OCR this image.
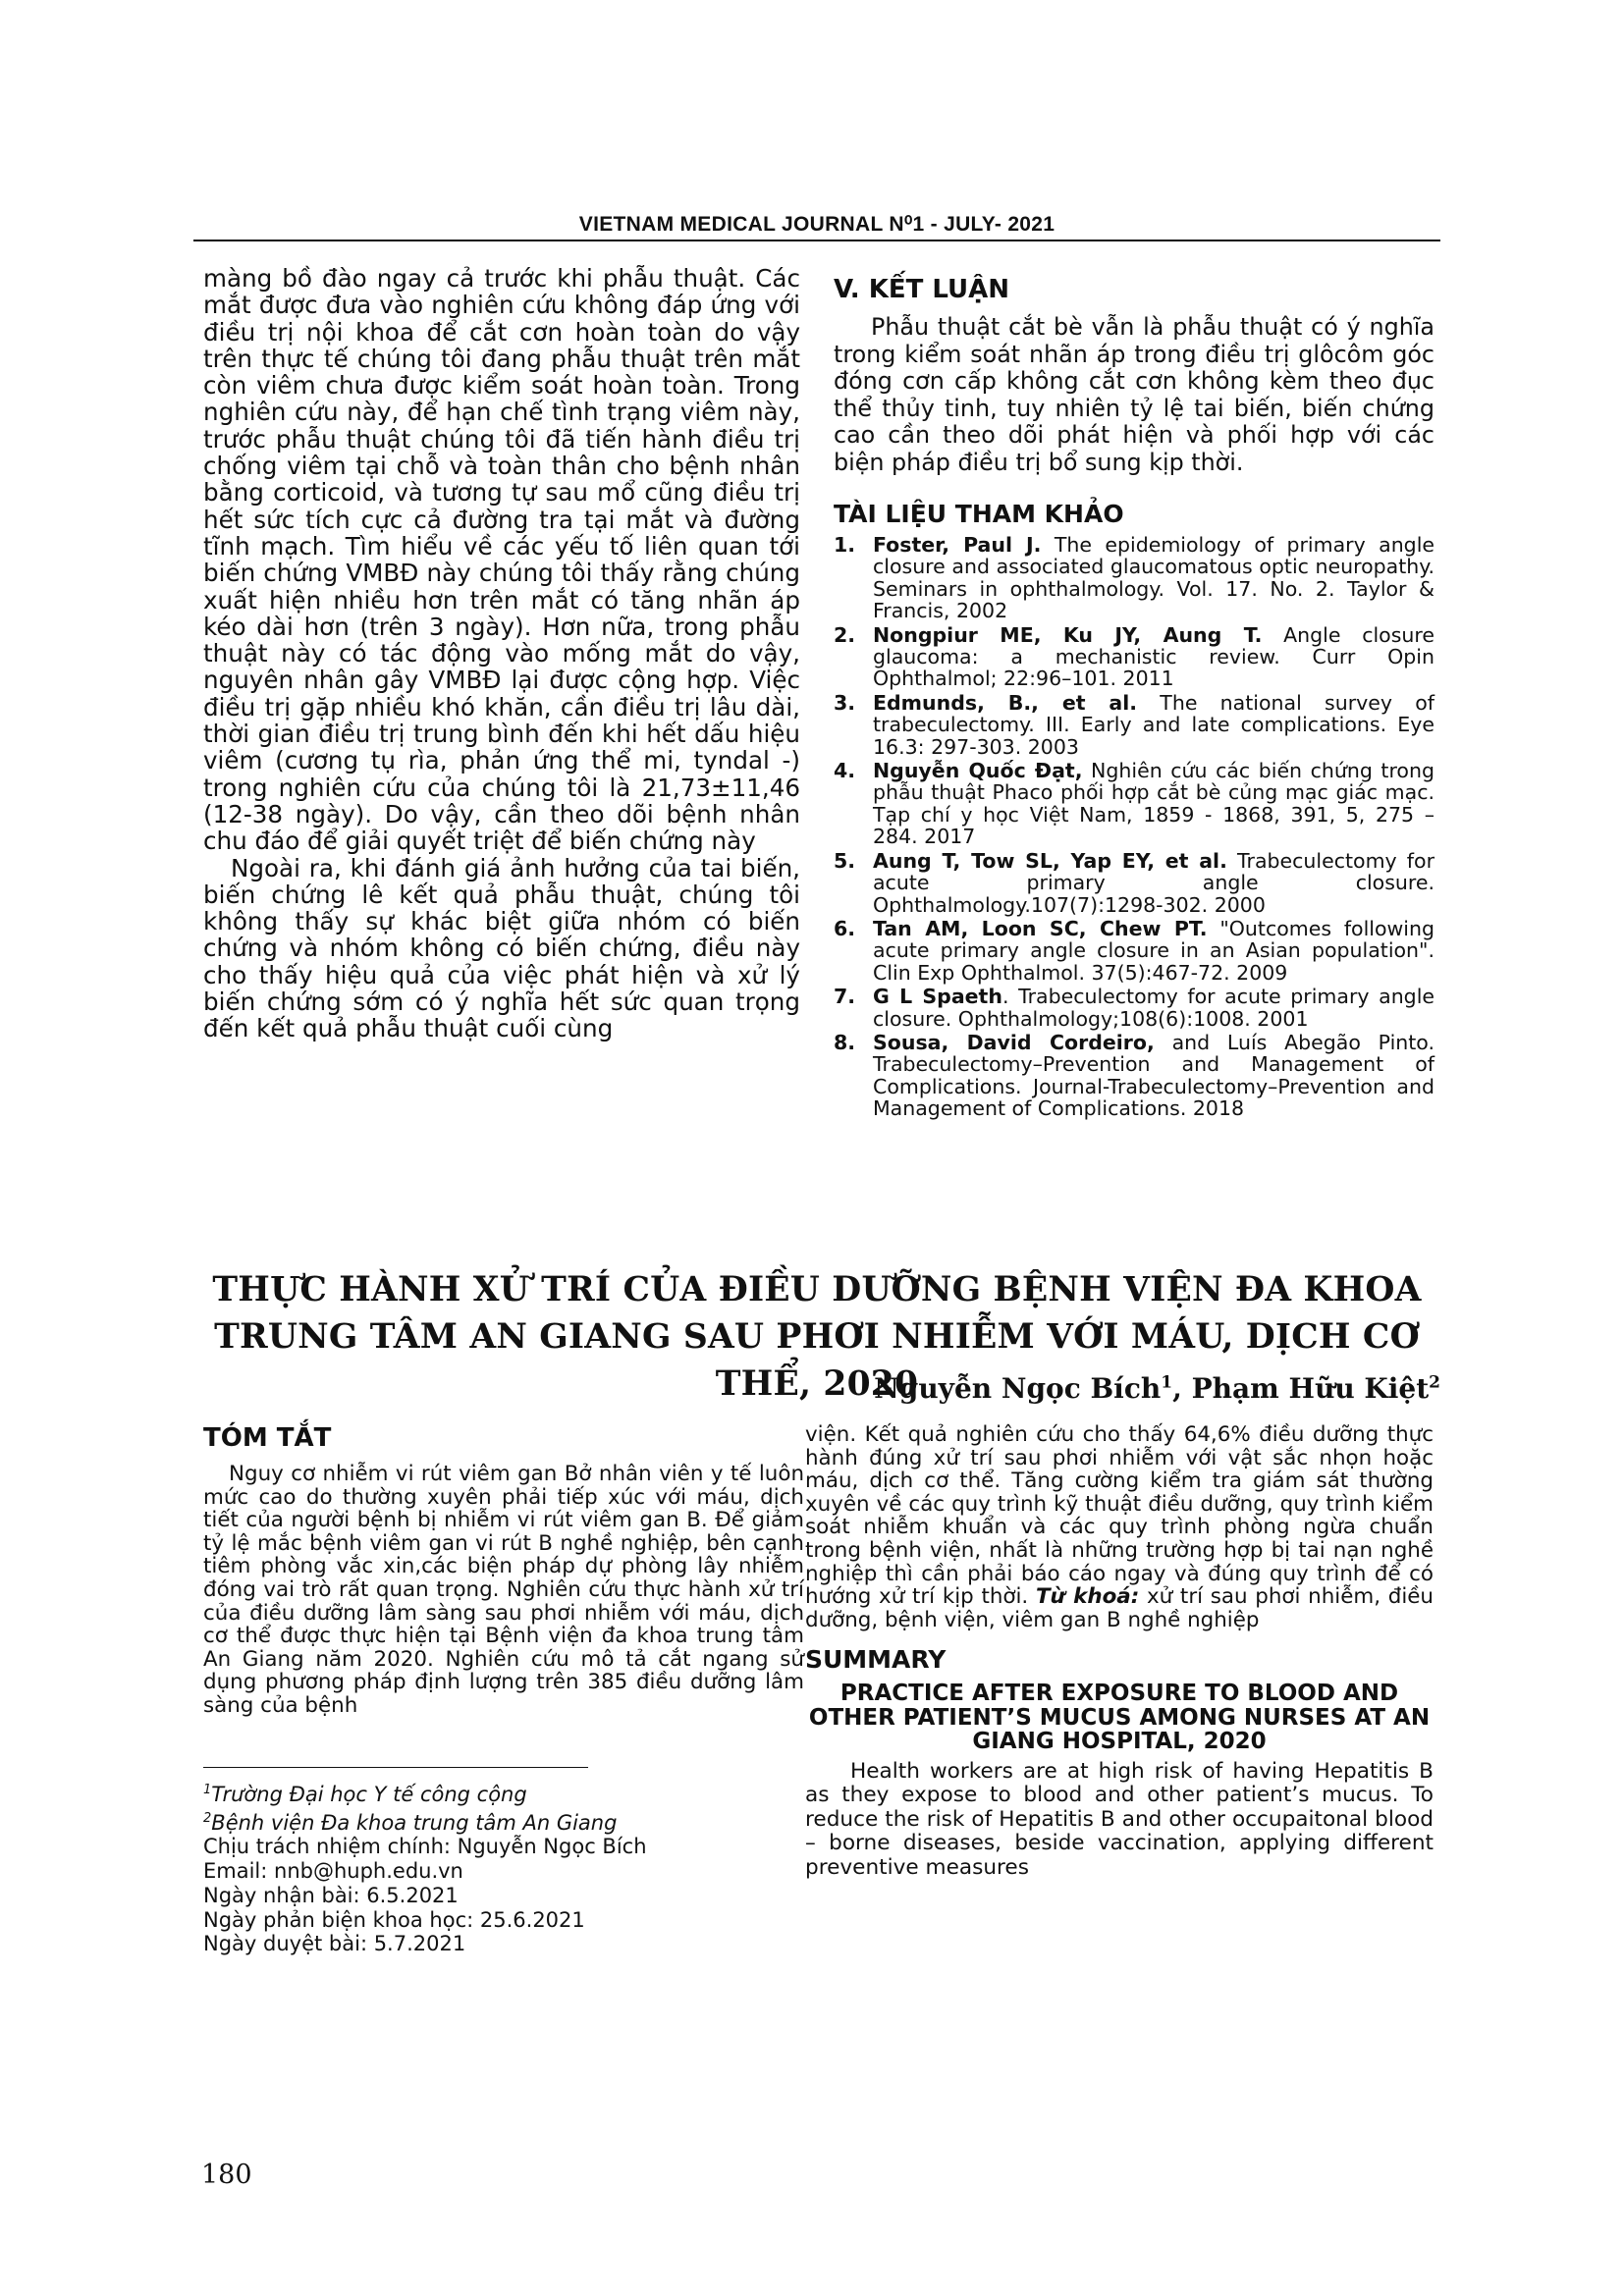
VIETNAM MEDICAL JOURNAL N⁰1 - JULY- 2021

màng bồ đào ngay cả trước khi phẫu thuật. Các mắt được đưa vào nghiên cứu không đáp ứng với điều trị nội khoa để cắt cơn hoàn toàn do vậy trên thực tế chúng tôi đang phẫu thuật trên mắt còn viêm chưa được kiểm soát hoàn toàn. Trong nghiên cứu này, để hạn chế tình trạng viêm này, trước phẫu thuật chúng tôi đã tiến hành điều trị chống viêm tại chỗ và toàn thân cho bệnh nhân bằng corticoid, và tương tự sau mổ cũng điều trị hết sức tích cực cả đường tra tại mắt và đường tĩnh mạch. Tìm hiểu về các yếu tố liên quan tới biến chứng VMBĐ này chúng tôi thấy rằng chúng xuất hiện nhiều hơn trên mắt có tăng nhãn áp kéo dài hơn (trên 3 ngày). Hơn nữa, trong phẫu thuật này có tác động vào mống mắt do vậy, nguyên nhân gây VMBĐ lại được cộng hợp. Việc điều trị gặp nhiều khó khăn, cần điều trị lâu dài, thời gian điều trị trung bình đến khi hết dấu hiệu viêm (cương tụ rìa, phản ứng thể mi, tyndal -) trong nghiên cứu của chúng tôi là 21,73±11,46 (12-38 ngày). Do vậy, cần theo dõi bệnh nhân chu đáo để giải quyết triệt để biến chứng này

Ngoài ra, khi đánh giá ảnh hưởng của tai biến, biến chứng lê kết quả phẫu thuật, chúng tôi không thấy sự khác biệt giữa nhóm có biến chứng và nhóm không có biến chứng, điều này cho thấy hiệu quả của việc phát hiện và xử lý biến chứng sớm có ý nghĩa hết sức quan trọng đến kết quả phẫu thuật cuối cùng

V. KẾT LUẬN

Phẫu thuật cắt bè vẫn là phẫu thuật có ý nghĩa trong kiểm soát nhãn áp trong điều trị glôcôm góc đóng cơn cấp không cắt cơn không kèm theo đục thể thủy tinh, tuy nhiên tỷ lệ tai biến, biến chứng cao cần theo dõi phát hiện và phối hợp với các biện pháp điều trị bổ sung kịp thời.

TÀI LIỆU THAM KHẢO
1. Foster, Paul J. The epidemiology of primary angle closure and associated glaucomatous optic neuropathy. Seminars in ophthalmology. Vol. 17. No. 2. Taylor & Francis, 2002
2. Nongpiur ME, Ku JY, Aung T. Angle closure glaucoma: a mechanistic review. Curr Opin Ophthalmol; 22:96–101. 2011
3. Edmunds, B., et al. The national survey of trabeculectomy. III. Early and late complications. Eye 16.3: 297-303. 2003
4. Nguyễn Quốc Đạt, Nghiên cứu các biến chứng trong phẫu thuật Phaco phối hợp cắt bè củng mạc giác mạc. Tạp chí y học Việt Nam, 1859 - 1868, 391, 5, 275 – 284. 2017
5. Aung T, Tow SL, Yap EY, et al. Trabeculectomy for acute primary angle closure. Ophthalmology.107(7):1298-302. 2000
6. Tan AM, Loon SC, Chew PT. "Outcomes following acute primary angle closure in an Asian population". Clin Exp Ophthalmol. 37(5):467-72. 2009
7. G L Spaeth. Trabeculectomy for acute primary angle closure. Ophthalmology;108(6):1008. 2001
8. Sousa, David Cordeiro, and Luís Abegão Pinto. Trabeculectomy–Prevention and Management of Complications. Journal-Trabeculectomy–Prevention and Management of Complications. 2018
THỰC HÀNH XỬ TRÍ CỦA ĐIỀU DƯỠNG BỆNH VIỆN ĐA KHOA
TRUNG TÂM AN GIANG SAU PHƠI NHIỄM VỚI MÁU, DỊCH CƠ THỂ, 2020
Nguyễn Ngọc Bích$^1$, Phạm Hữu Kiệt$^2$
TÓM TẮT

Nguy cơ nhiễm vi rút viêm gan Bở nhân viên y tế luôn mức cao do thường xuyên phải tiếp xúc với máu, dịch tiết của người bệnh bị nhiễm vi rút viêm gan B. Để giảm tỷ lệ mắc bệnh viêm gan vi rút B nghề nghiệp, bên cạnh tiêm phòng vắc xin,các biện pháp dự phòng lây nhiễm đóng vai trò rất quan trọng. Nghiên cứu thực hành xử trí của điều dưỡng lâm sàng sau phơi nhiễm với máu, dịch cơ thể được thực hiện tại Bệnh viện đa khoa trung tâm An Giang năm 2020. Nghiên cứu mô tả cắt ngang sử dụng phương pháp định lượng trên 385 điều dưỡng lâm sàng của bệnh

$^1$Trường Đại học Y tế công cộng
$^2$Bệnh viện Đa khoa trung tâm An Giang
Chịu trách nhiệm chính: Nguyễn Ngọc Bích
Email: nnb@huph.edu.vn
Ngày nhận bài: 6.5.2021
Ngày phản biện khoa học: 25.6.2021
Ngày duyệt bài: 5.7.2021

viện. Kết quả nghiên cứu cho thấy 64,6% điều dưỡng thực hành đúng xử trí sau phơi nhiễm với vật sắc nhọn hoặc máu, dịch cơ thể. Tăng cường kiểm tra giám sát thường xuyên về các quy trình kỹ thuật điều dưỡng, quy trình kiểm soát nhiễm khuẩn và các quy trình phòng ngừa chuẩn trong bệnh viện, nhất là những trường hợp bị tai nạn nghề nghiệp thì cần phải báo cáo ngay và đúng quy trình để có hướng xử trí kịp thời. Từ khoá: xử trí sau phơi nhiễm, điều dưỡng, bệnh viện, viêm gan B nghề nghiệp

SUMMARY

PRACTICE AFTER EXPOSURE TO BLOOD AND OTHER PATIENT’S MUCUS AMONG NURSES AT AN GIANG HOSPITAL, 2020

Health workers are at high risk of having Hepatitis B as they expose to blood and other patient’s mucus. To reduce the risk of Hepatitis B and other occupaitonal blood – borne diseases, beside vaccination, applying different preventive measures

180
